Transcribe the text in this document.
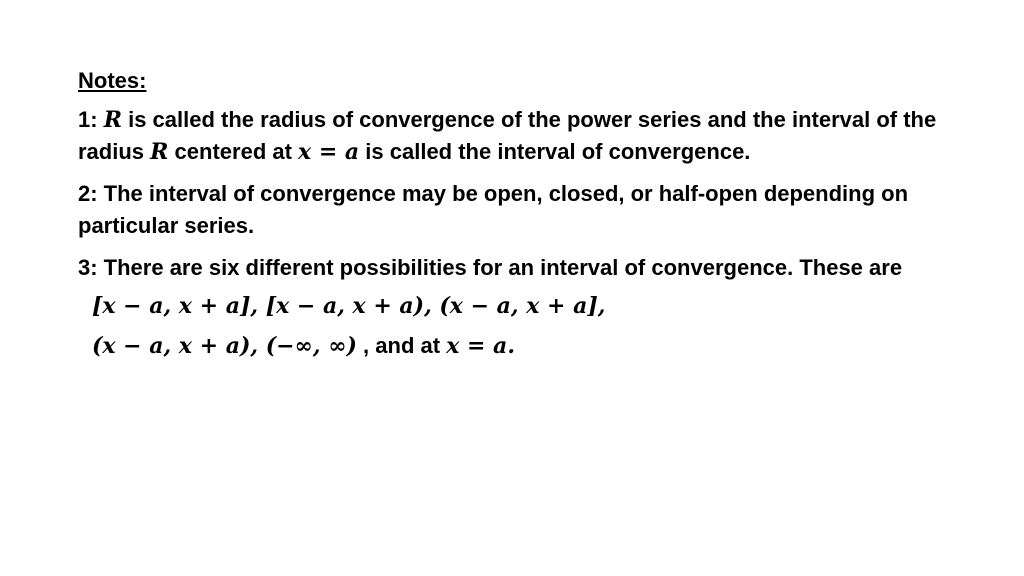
Notes:
1: R is called the radius of convergence of the power series and the interval of the radius R centered at x = a is called the interval of convergence.
2: The interval of convergence may be open, closed, or half-open depending on particular series.
3: There are six different possibilities for an interval of convergence. These are
[x − a, x + a], [x − a, x + a), (x − a, x + a],
(x − a, x + a), (−∞, ∞) , and at x = a.
